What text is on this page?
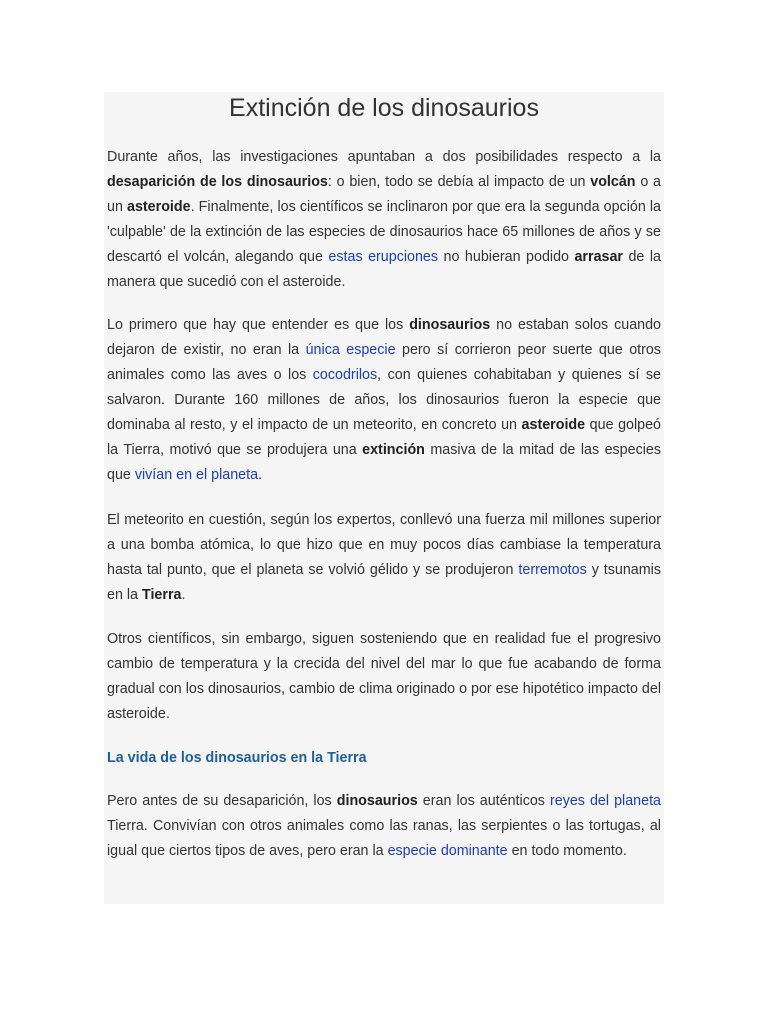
Extinción de los dinosaurios

Durante años, las investigaciones apuntaban a dos posibilidades respecto a la desaparición de los dinosaurios: o bien, todo se debía al impacto de un volcán o a un asteroide. Finalmente, los científicos se inclinaron por que era la segunda opción la 'culpable' de la extinción de las especies de dinosaurios hace 65 millones de años y se descartó el volcán, alegando que estas erupciones no hubieran podido arrasar de la manera que sucedió con el asteroide.

Lo primero que hay que entender es que los dinosaurios no estaban solos cuando dejaron de existir, no eran la única especie pero sí corrieron peor suerte que otros animales como las aves o los cocodrilos, con quienes cohabitaban y quienes sí se salvaron. Durante 160 millones de años, los dinosaurios fueron la especie que dominaba al resto, y el impacto de un meteorito, en concreto un asteroide que golpeó la Tierra, motivó que se produjera una extinción masiva de la mitad de las especies que vivían en el planeta.

El meteorito en cuestión, según los expertos, conllevó una fuerza mil millones superior a una bomba atómica, lo que hizo que en muy pocos días cambiase la temperatura hasta tal punto, que el planeta se volvió gélido y se produjeron terremotos y tsunamis en la Tierra.

Otros científicos, sin embargo, siguen sosteniendo que en realidad fue el progresivo cambio de temperatura y la crecida del nivel del mar lo que fue acabando de forma gradual con los dinosaurios, cambio de clima originado o por ese hipotético impacto del asteroide.

La vida de los dinosaurios en la Tierra

Pero antes de su desaparición, los dinosaurios eran los auténticos reyes del planeta Tierra. Convivían con otros animales como las ranas, las serpientes o las tortugas, al igual que ciertos tipos de aves, pero eran la especie dominante en todo momento.
